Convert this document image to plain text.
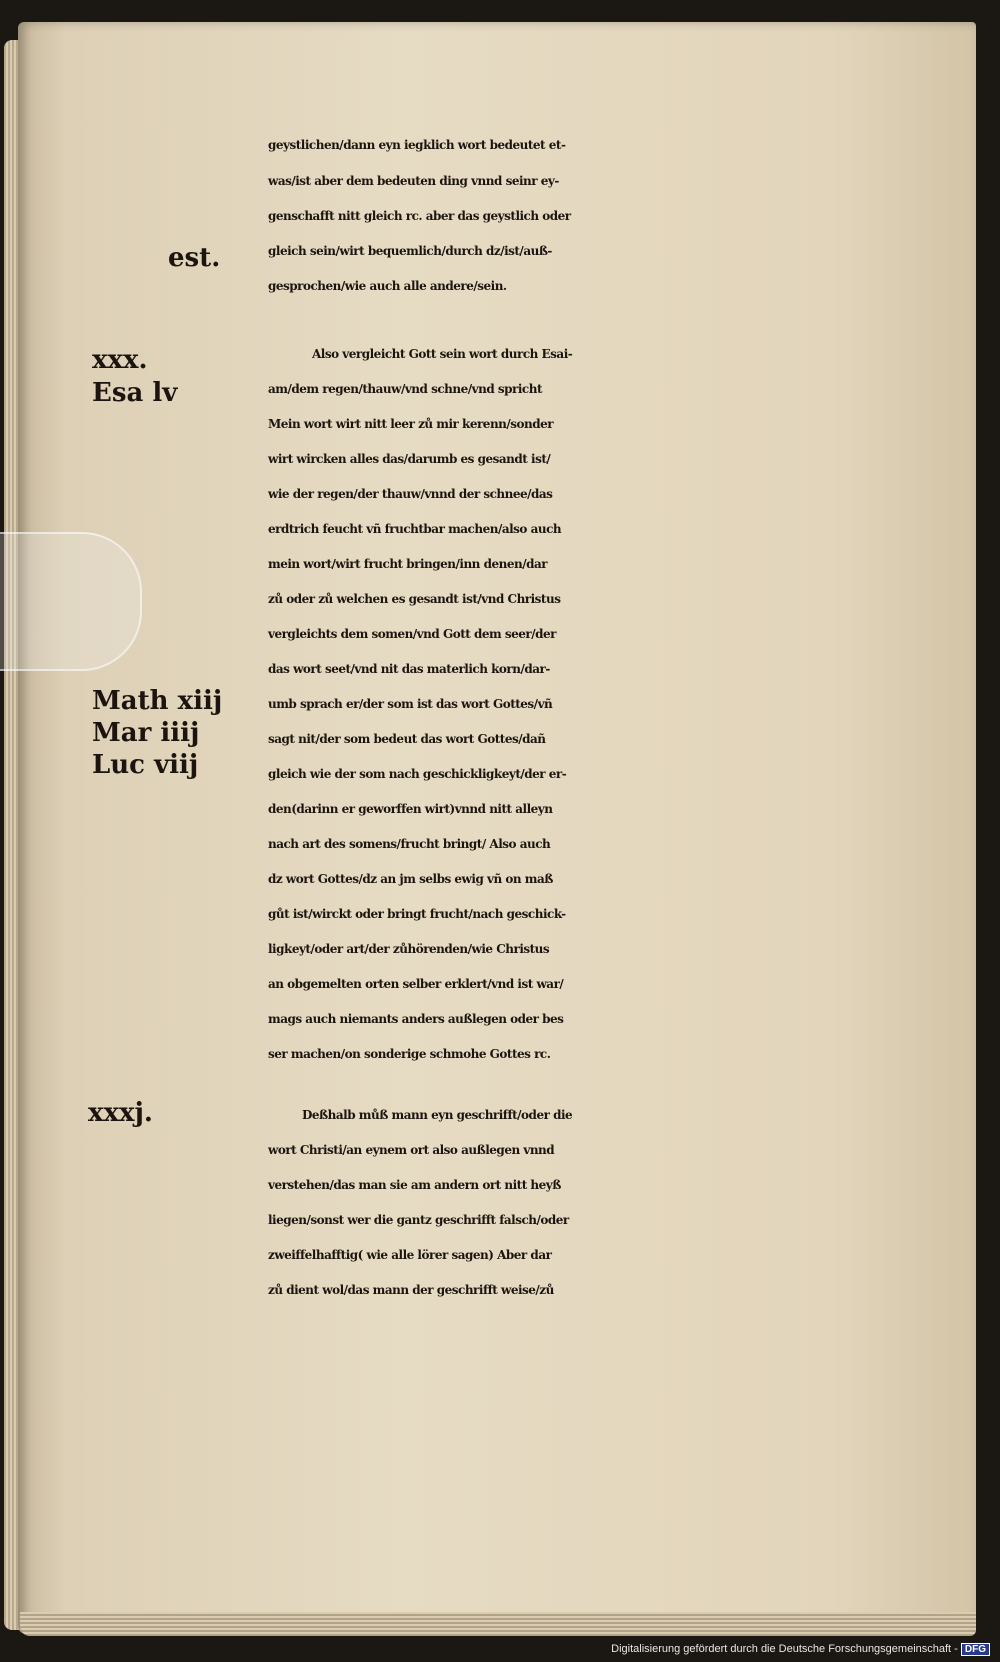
est.
xxx.
Esa lv
Math xiij
Mar iiij
Luc viij
xxxj.
geystlichen/dann eyn iegklich wort bedeutet et-
was/ist aber dem bedeuten ding vnnd seinr ey-
genschafft nitt gleich rc. aber das geystlich oder
gleich sein/wirt bequemlich/durch dz/ist/auß-
gesprochen/wie auch alle andere/sein.
Also vergleicht Gott sein wort durch Esai-
am/dem regen/thauw/vnd schne/vnd spricht
Mein wort wirt nitt leer zů mir kerenn/sonder
wirt wircken alles das/darumb es gesandt ist/
wie der regen/der thauw/vnnd der schnee/das
erdtrich feucht vñ fruchtbar machen/also auch
mein wort/wirt frucht bringen/inn denen/dar
zů oder zů welchen es gesandt ist/vnd Christus
vergleichts dem somen/vnd Gott dem seer/der
das wort seet/vnd nit das materlich korn/dar-
umb sprach er/der som ist das wort Gottes/vñ
sagt nit/der som bedeut das wort Gottes/dañ
gleich wie der som nach geschickligkeyt/der er-
den(darinn er geworffen wirt)vnnd nitt alleyn
nach art des somens/frucht bringt/ Also auch
dz wort Gottes/dz an jm selbs ewig vñ on maß
gůt ist/wirckt oder bringt frucht/nach geschick-
ligkeyt/oder art/der zůhörenden/wie Christus
an obgemelten orten selber erklert/vnd ist war/
mags auch niemants anders außlegen oder bes
ser machen/on sonderige schmohe Gottes rc.
Deßhalb můß mann eyn geschrifft/oder die
wort Christi/an eynem ort also außlegen vnnd
verstehen/das man sie am andern ort nitt heyß
liegen/sonst wer die gantz geschrifft falsch/oder
zweiffelhafftig( wie alle lörer sagen) Aber dar
zů dient wol/das mann der geschrifft weise/zů
Digitalisierung gefördert durch die Deutsche Forschungsgemeinschaft - DFG
